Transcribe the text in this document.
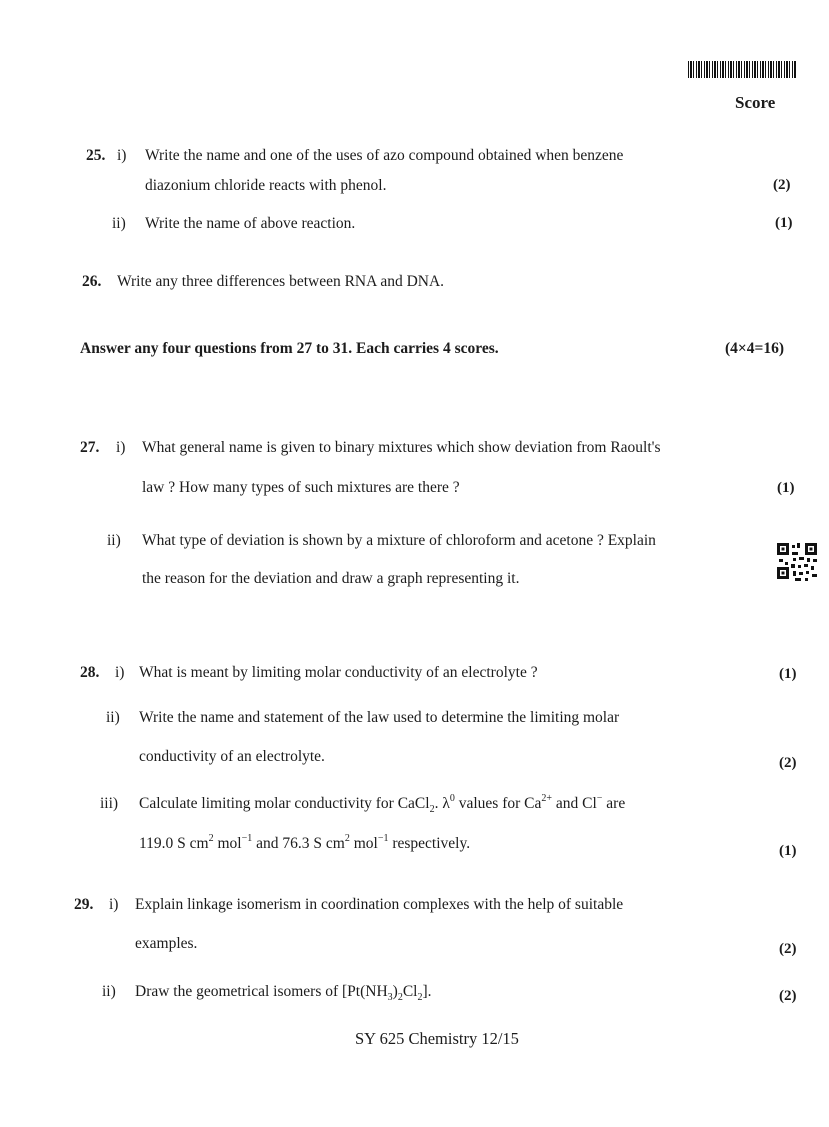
Score
25. i) Write the name and one of the uses of azo compound obtained when benzene
diazonium chloride reacts with phenol.	(2)
ii) Write the name of above reaction.	(1)
26. Write any three differences between RNA and DNA.
Answer any four questions from 27 to 31. Each carries 4 scores.	(4×4=16)
27. i) What general name is given to binary mixtures which show deviation from Raoult's
law ? How many types of such mixtures are there ?	(1)
ii) What type of deviation is shown by a mixture of chloroform and acetone ? Explain
the reason for the deviation and draw a graph representing it.
28. i) What is meant by limiting molar conductivity of an electrolyte ?	(1)
ii) Write the name and statement of the law used to determine the limiting molar
conductivity of an electrolyte.	(2)
iii) Calculate limiting molar conductivity for CaCl$_2$. $\lambda^0$ values for $Ca^{2+}$ and Cl− are
119.0 S $cm^2$ mol$^{-1}$ and 76.3 S $cm^2$ mol$^{-1}$ respectively.	(1)
29. i) Explain linkage isomerism in coordination complexes with the help of suitable
examples.	(2)
ii) Draw the geometrical isomers of $[Pt(NH_3)_2Cl_2]$.	(2)
SY 625 Chemistry 12/15
